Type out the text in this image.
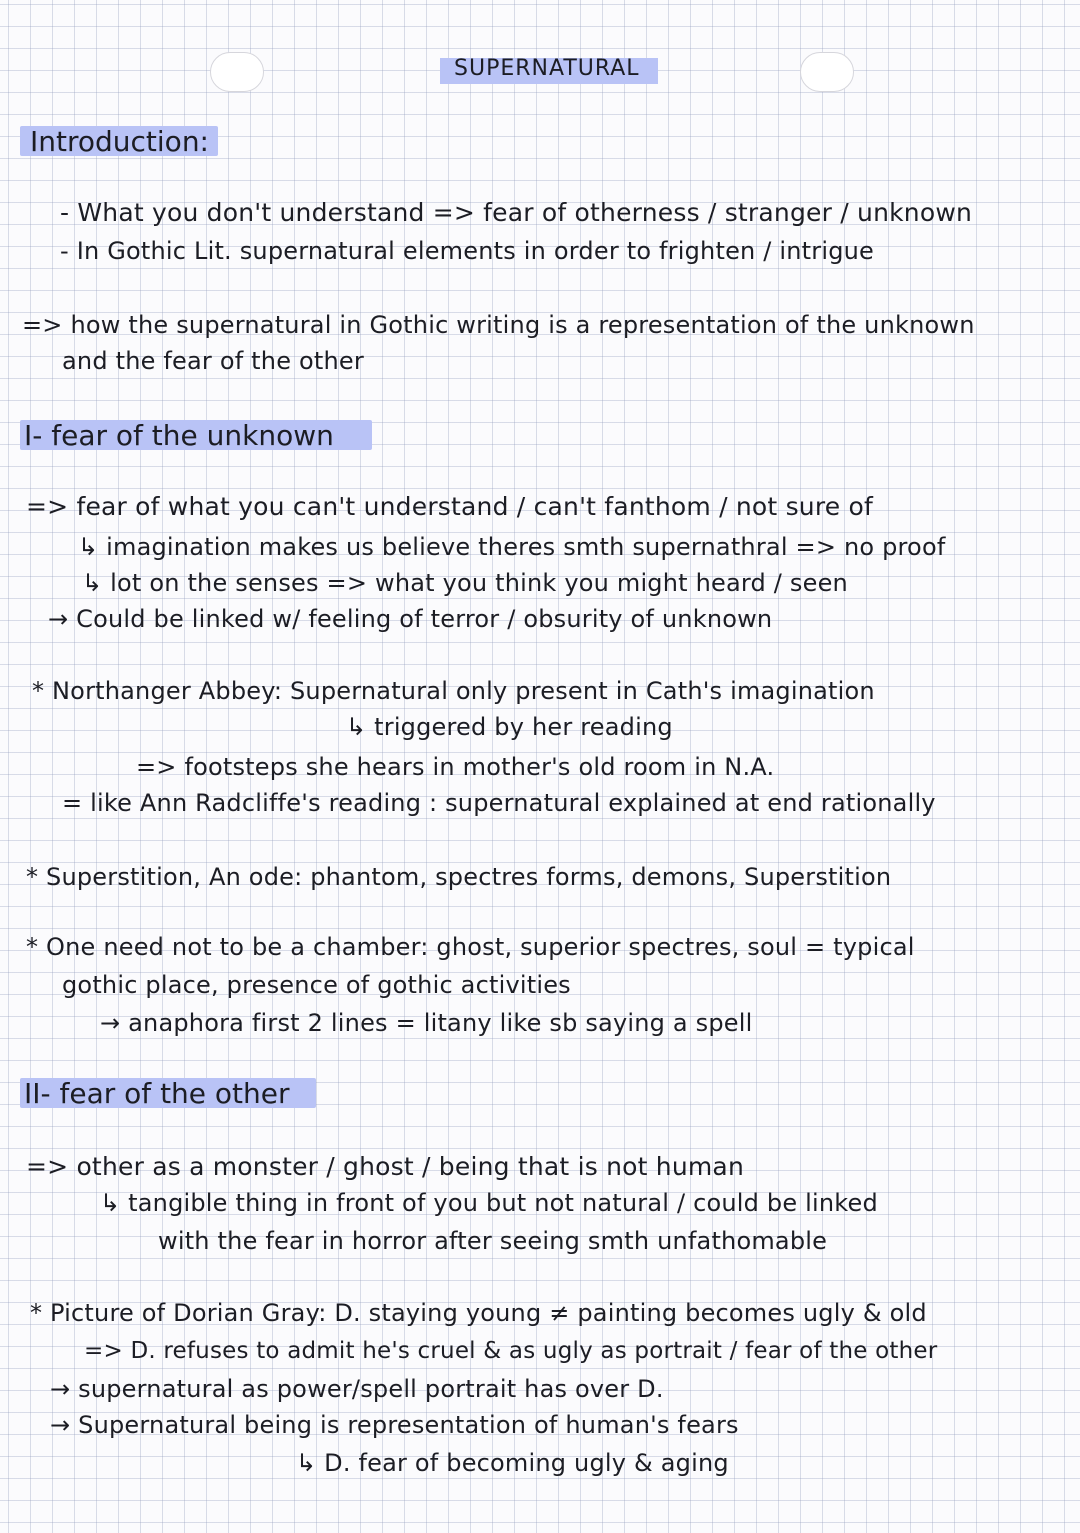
SUPERNATURAL
Introduction:
- What you don't understand => fear of otherness / stranger / unknown
- In Gothic Lit. supernatural elements in order to frighten / intrigue
=> how the supernatural in Gothic writing is a representation of the unknown
and the fear of the other
I- fear of the unknown
=> fear of what you can't understand / can't fanthom / not sure of
↳ imagination makes us believe theres smth supernathral => no proof
↳ lot on the senses => what you think you might heard / seen
→ Could be linked w/ feeling of terror / obsurity of unknown
* Northanger Abbey: Supernatural only present in Cath's imagination
↳ triggered by her reading
=> footsteps she hears in mother's old room in N.A.
= like Ann Radcliffe's reading : supernatural explained at end rationally
* Superstition, An ode: phantom, spectres forms, demons, Superstition
* One need not to be a chamber: ghost, superior spectres, soul = typical
gothic place, presence of gothic activities
→ anaphora first 2 lines = litany like sb saying a spell
II- fear of the other
=> other as a monster / ghost / being that is not human
↳ tangible thing in front of you but not natural / could be linked
with the fear in horror after seeing smth unfathomable
* Picture of Dorian Gray: D. staying young ≠ painting becomes ugly & old
=> D. refuses to admit he's cruel & as ugly as portrait / fear of the other
→ supernatural as power/spell portrait has over D.
→ Supernatural being is representation of human's fears
↳ D. fear of becoming ugly & aging
